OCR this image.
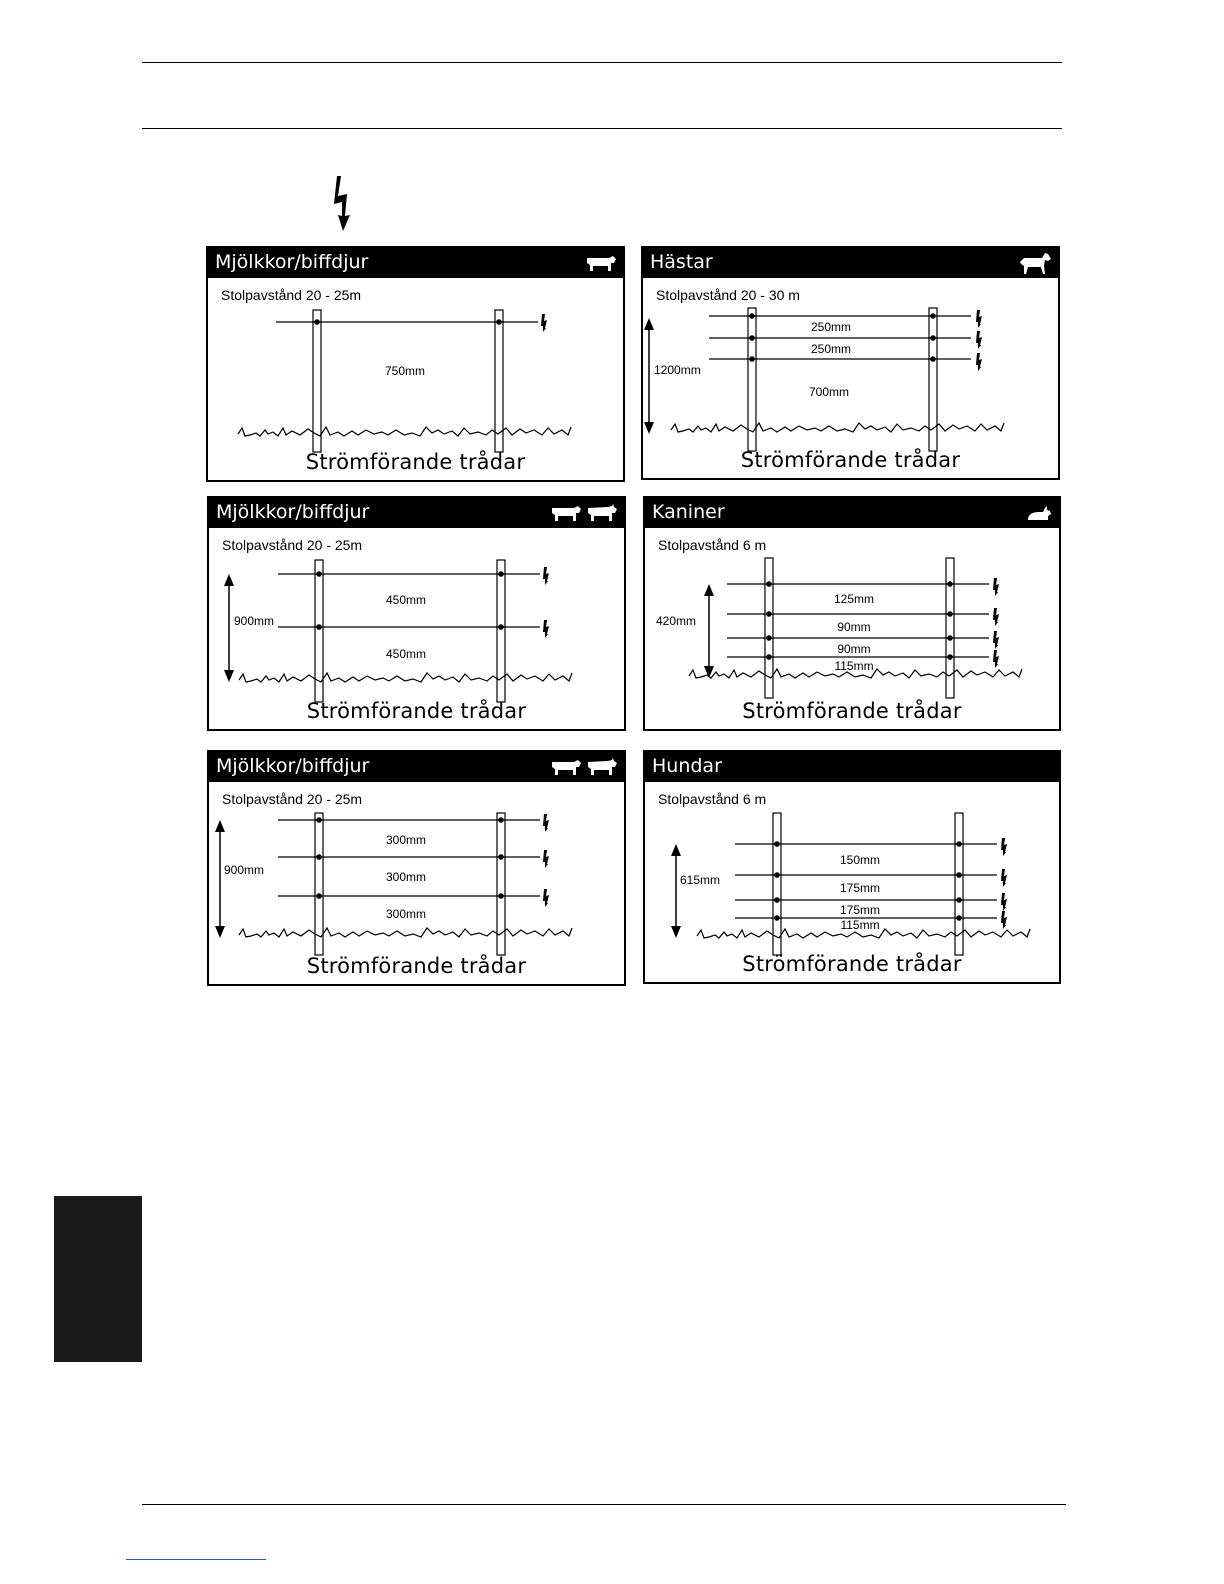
Mjölkkor/biffdjur
Stolpavstånd 20 - 25m
750mm
Strömförande trådar
Hästar
Stolpavstånd 20 - 30 m
1200mm
250mm
250mm
700mm
Strömförande trådar
Mjölkkor/biffdjur
Stolpavstånd 20 - 25m
900mm
450mm
450mm
Strömförande trådar
Kaniner
Stolpavstånd 6 m
420mm
125mm
90mm
90mm
115mm
Strömförande trådar
Mjölkkor/biffdjur
Stolpavstånd 20 - 25m
900mm
300mm
300mm
300mm
Strömförande trådar
Hundar
Stolpavstånd 6 m
615mm
150mm
175mm
175mm
115mm
Strömförande trådar
